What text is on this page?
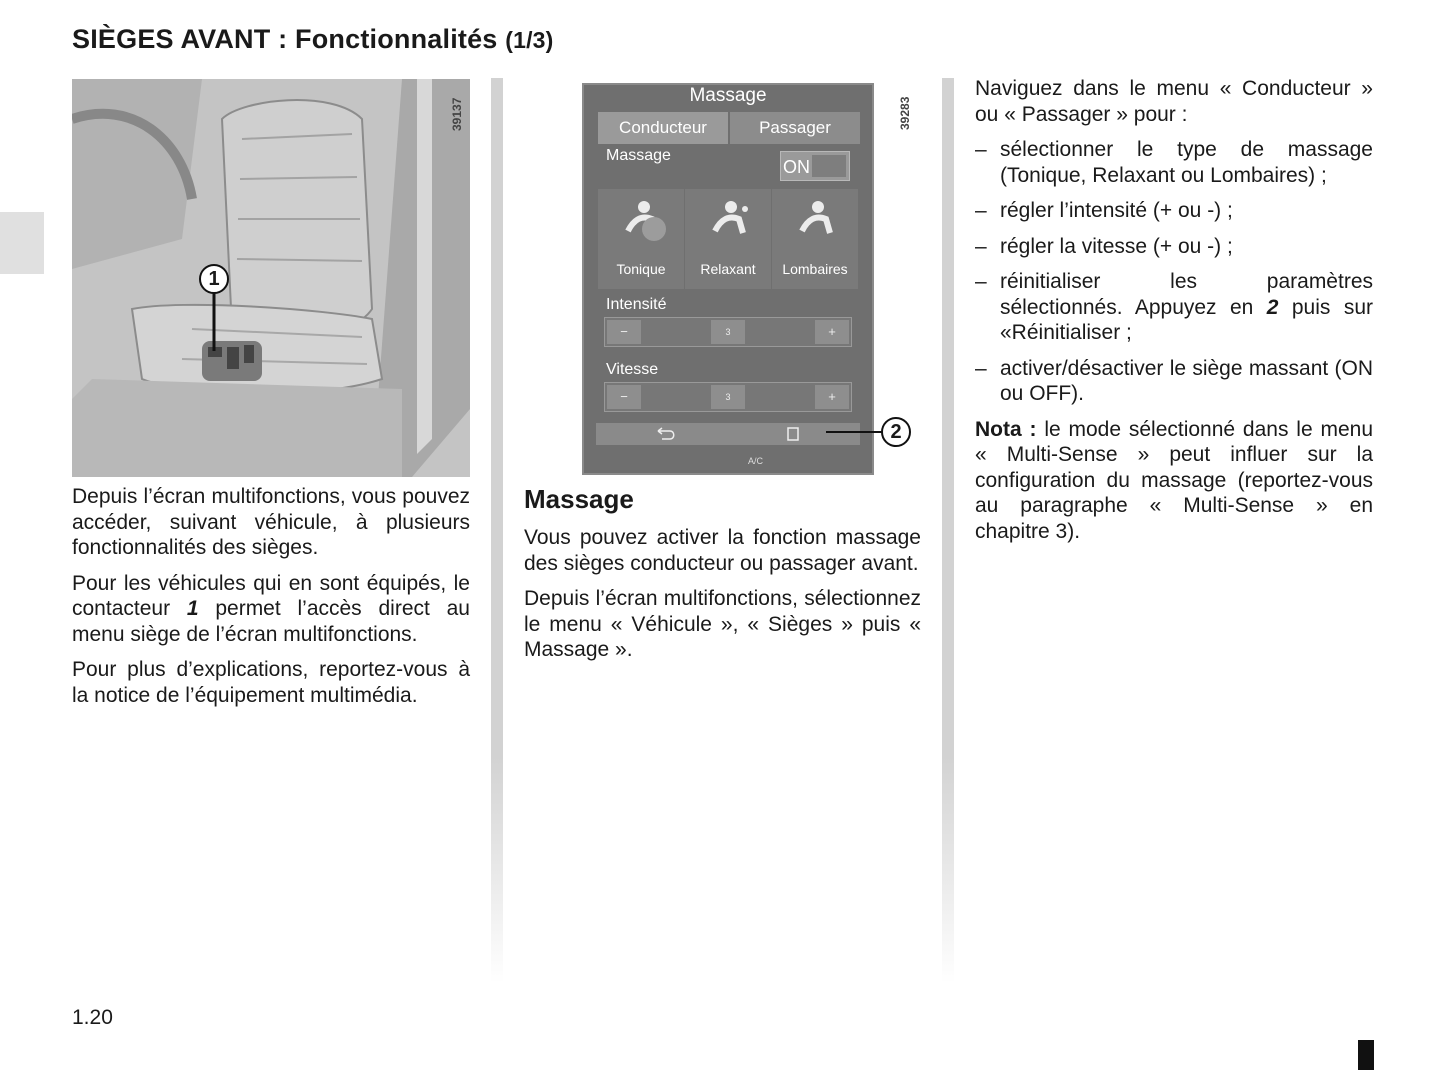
SIÈGES AVANT : Fonctionnalités (1/3)
1
39137
Massage
Conducteur	Passager
Massage
ON
Tonique	Relaxant	Lombaires
Intensité
−	3	+
Vitesse
−	3	+
A/C
2
39283

Depuis l’écran multifonctions, vous pouvez accéder, suivant véhicule, à plusieurs fonctionnalités des sièges.

Pour les véhicules qui en sont équipés, le contacteur 1 permet l’accès direct au menu siège de l’écran multifonctions.

Pour plus d’explications, reportez-vous à la notice de l’équipement multimédia.

Massage

Vous pouvez activer la fonction massage des sièges conducteur ou passager avant.

Depuis l’écran multifonctions, sélectionnez le menu « Véhicule », « Sièges » puis « Massage ».

Naviguez dans le menu « Conducteur » ou « Passager » pour :

– sélectionner le type de massage (Tonique, Relaxant ou Lombaires) ;
– régler l’intensité (+ ou -) ;
– régler la vitesse (+ ou -) ;
– réinitialiser les paramètres sélectionnés. Appuyez en 2 puis sur «Réinitialiser ;
– activer/désactiver le siège massant (ON ou OFF).

Nota : le mode sélectionné dans le menu « Multi-Sense » peut influer sur la configuration du massage (reportez-vous au paragraphe « Multi-Sense » en chapitre 3).

1.20
